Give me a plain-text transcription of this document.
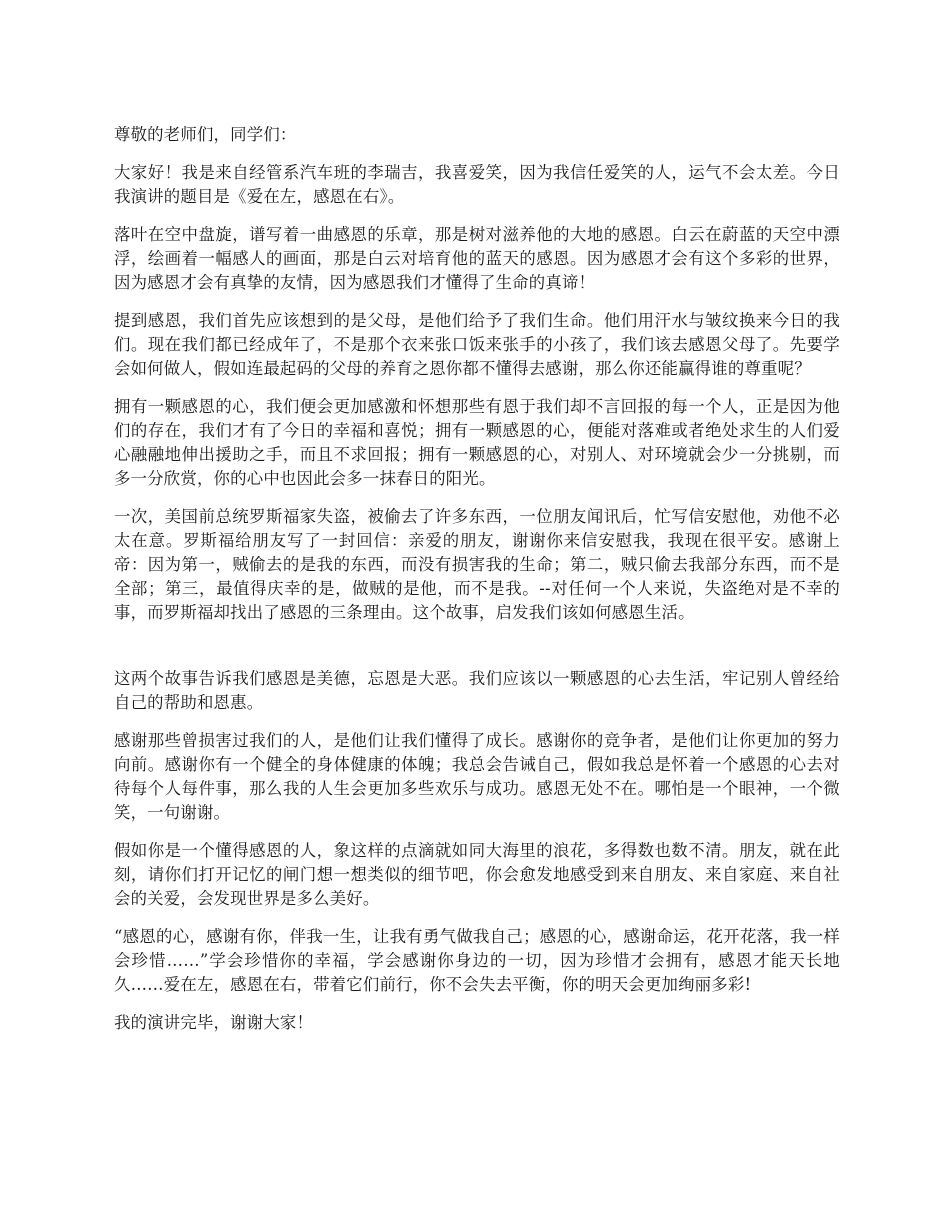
尊敬的老师们，同学们：

大家好！我是来自经管系汽车班的李瑞吉，我喜爱笑，因为我信任爱笑的人，运气不会太差。今日我演讲的题目是《爱在左，感恩在右》。

落叶在空中盘旋，谱写着一曲感恩的乐章，那是树对滋养他的大地的感恩。白云在蔚蓝的天空中漂浮，绘画着一幅感人的画面，那是白云对培育他的蓝天的感恩。因为感恩才会有这个多彩的世界，因为感恩才会有真挚的友情，因为感恩我们才懂得了生命的真谛！

提到感恩，我们首先应该想到的是父母，是他们给予了我们生命。他们用汗水与皱纹换来今日的我们。现在我们都已经成年了，不是那个衣来张口饭来张手的小孩了，我们该去感恩父母了。先要学会如何做人，假如连最起码的父母的养育之恩你都不懂得去感谢，那么你还能赢得谁的尊重呢？

拥有一颗感恩的心，我们便会更加感激和怀想那些有恩于我们却不言回报的每一个人，正是因为他们的存在，我们才有了今日的幸福和喜悦；拥有一颗感恩的心，便能对落难或者绝处求生的人们爱心融融地伸出援助之手，而且不求回报；拥有一颗感恩的心，对别人、对环境就会少一分挑剔，而多一分欣赏，你的心中也因此会多一抹春日的阳光。

一次，美国前总统罗斯福家失盗，被偷去了许多东西，一位朋友闻讯后，忙写信安慰他，劝他不必太在意。罗斯福给朋友写了一封回信：亲爱的朋友，谢谢你来信安慰我，我现在很平安。感谢上帝：因为第一，贼偷去的是我的东西，而没有损害我的生命；第二，贼只偷去我部分东西，而不是全部；第三，最值得庆幸的是，做贼的是他，而不是我。--对任何一个人来说，失盗绝对是不幸的事，而罗斯福却找出了感恩的三条理由。这个故事，启发我们该如何感恩生活。

这两个故事告诉我们感恩是美德，忘恩是大恶。我们应该以一颗感恩的心去生活，牢记别人曾经给自己的帮助和恩惠。

感谢那些曾损害过我们的人，是他们让我们懂得了成长。感谢你的竞争者，是他们让你更加的努力向前。感谢你有一个健全的身体健康的体魄；我总会告诫自己，假如我总是怀着一个感恩的心去对待每个人每件事，那么我的人生会更加多些欢乐与成功。感恩无处不在。哪怕是一个眼神，一个微笑，一句谢谢。

假如你是一个懂得感恩的人，象这样的点滴就如同大海里的浪花，多得数也数不清。朋友，就在此刻，请你们打开记忆的闸门想一想类似的细节吧，你会愈发地感受到来自朋友、来自家庭、来自社会的关爱，会发现世界是多么美好。

“感恩的心，感谢有你，伴我一生，让我有勇气做我自己；感恩的心，感谢命运，花开花落，我一样会珍惜……”学会珍惜你的幸福，学会感谢你身边的一切，因为珍惜才会拥有，感恩才能天长地久……爱在左，感恩在右，带着它们前行，你不会失去平衡，你的明天会更加绚丽多彩!

我的演讲完毕，谢谢大家！
